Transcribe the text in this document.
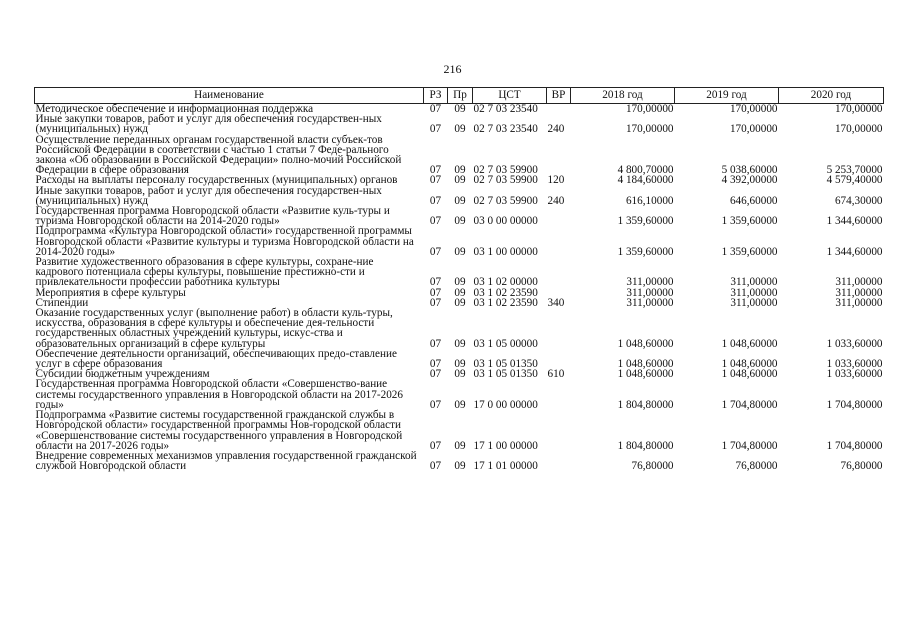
216
Наименование	РЗ	Пр	ЦСТ	ВР	2018 год	2019 год	2020 год
Методическое обеспечение и информационная поддержка	07	09	02 7 03 23540		170,00000	170,00000	170,00000
Иные закупки товаров, работ и услуг для обеспечения государствен-ных (муниципальных) нужд	07	09	02 7 03 23540	240	170,00000	170,00000	170,00000
Осуществление переданных органам государственной власти субъек-тов Российской Федерации в соответствии с частью 1 статьи 7 Феде-рального закона «Об образовании в Российской Федерации» полно-мочий Российской Федерации в сфере образования	07	09	02 7 03 59900		4 800,70000	5 038,60000	5 253,70000
Расходы на выплаты персоналу государственных (муниципальных) органов	07	09	02 7 03 59900	120	4 184,60000	4 392,00000	4 579,40000
Иные закупки товаров, работ и услуг для обеспечения государствен-ных (муниципальных) нужд	07	09	02 7 03 59900	240	616,10000	646,60000	674,30000
Государственная программа Новгородской области «Развитие куль-туры и туризма Новгородской области на 2014-2020 годы»	07	09	03 0 00 00000		1 359,60000	1 359,60000	1 344,60000
Подпрограмма «Культура Новгородской области» государственной программы Новгородской области «Развитие культуры и туризма Новгородской области на 2014-2020 годы»	07	09	03 1 00 00000		1 359,60000	1 359,60000	1 344,60000
Развитие художественного образования в сфере культуры, сохране-ние кадрового потенциала сферы культуры, повышение престижно-сти и привлекательности профессии работника культуры	07	09	03 1 02 00000		311,00000	311,00000	311,00000
Мероприятия в сфере культуры	07	09	03 1 02 23590		311,00000	311,00000	311,00000
Стипендии	07	09	03 1 02 23590	340	311,00000	311,00000	311,00000
Оказание государственных услуг (выполнение работ) в области куль-туры, искусства, образования в сфере культуры и обеспечение дея-тельности государственных областных учреждений культуры, искус-ства и образовательных организаций в сфере культуры	07	09	03 1 05 00000		1 048,60000	1 048,60000	1 033,60000
Обеспечение деятельности организаций, обеспечивающих предо-ставление услуг в сфере образования	07	09	03 1 05 01350		1 048,60000	1 048,60000	1 033,60000
Субсидии бюджетным учреждениям	07	09	03 1 05 01350	610	1 048,60000	1 048,60000	1 033,60000
Государственная программа Новгородской области «Совершенство-вание системы государственного управления в Новгородской области на 2017-2026 годы»	07	09	17 0 00 00000		1 804,80000	1 704,80000	1 704,80000
Подпрограмма «Развитие системы государственной гражданской службы в Новгородской области» государственной программы Нов-городской области «Совершенствование системы государственного управления в Новгородской области на 2017-2026 годы»	07	09	17 1 00 00000		1 804,80000	1 704,80000	1 704,80000
Внедрение современных механизмов управления государственной гражданской службой Новгородской области	07	09	17 1 01 00000		76,80000	76,80000	76,80000
